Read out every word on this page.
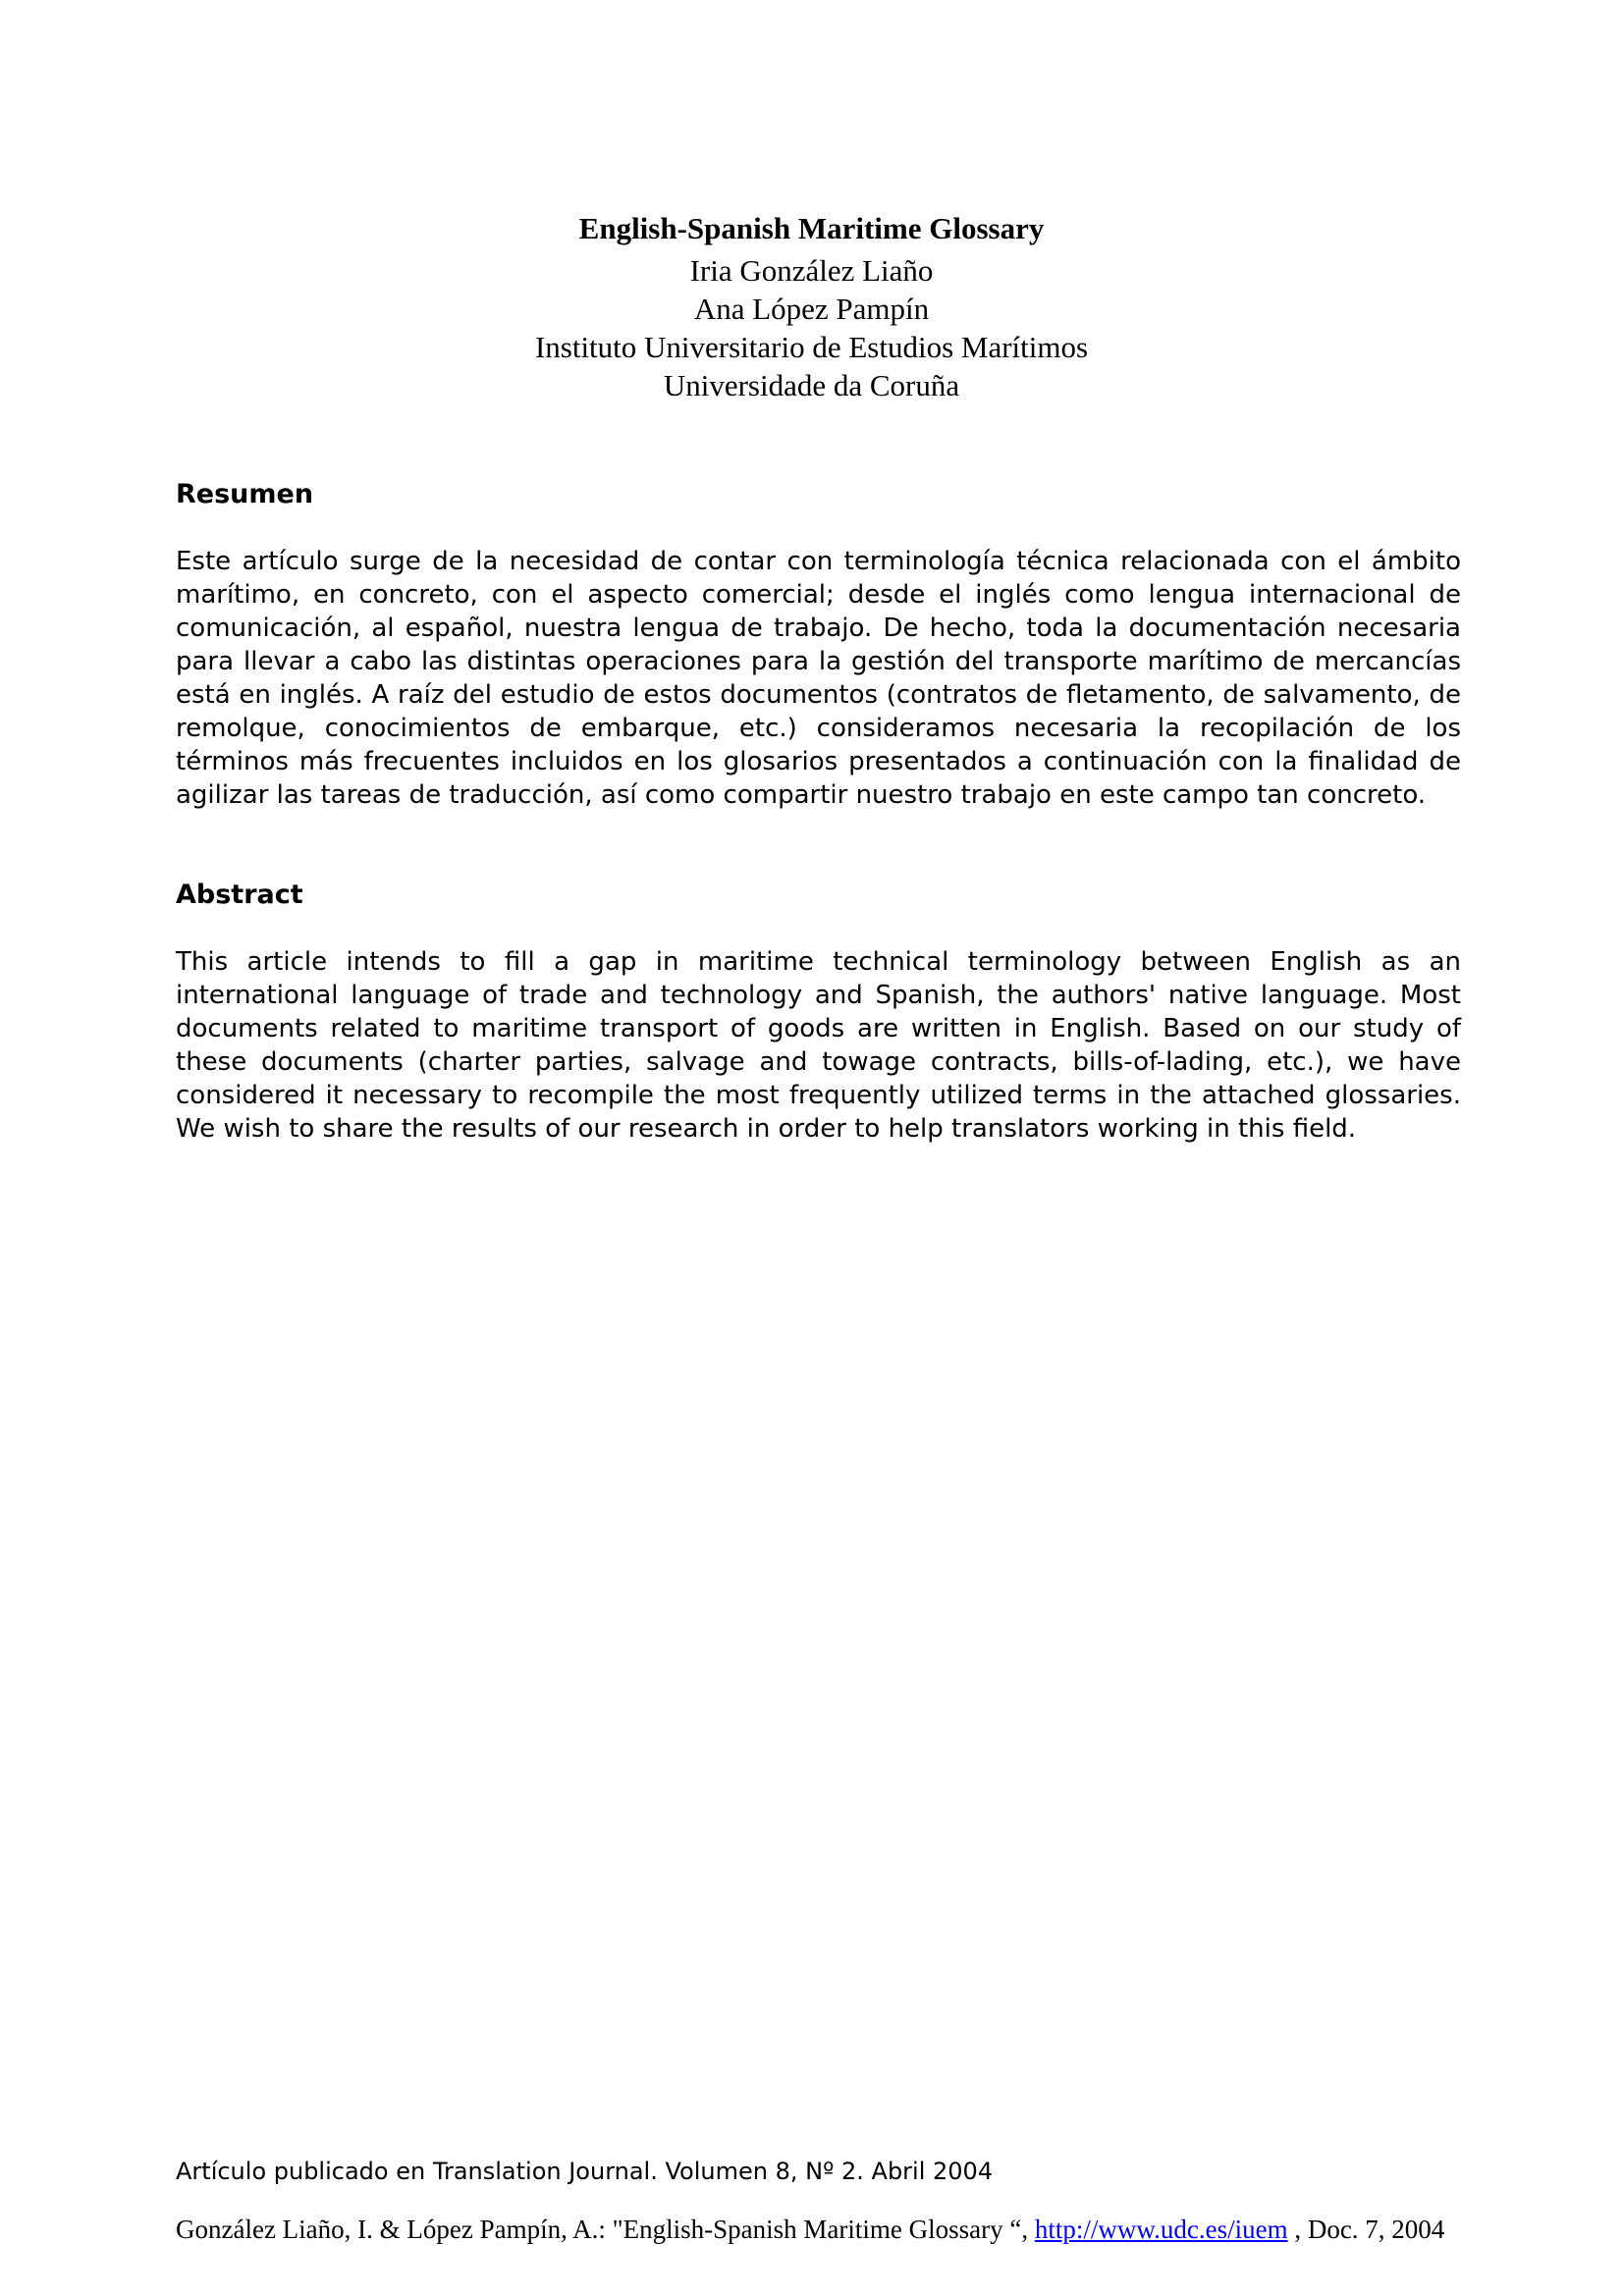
English-Spanish Maritime Glossary

Iria González Liaño

Ana López Pampín

Instituto Universitario de Estudios Marítimos

Universidade da Coruña

Resumen

Este artículo surge de la necesidad de contar con terminología técnica relacionada con el ámbito marítimo, en concreto, con el aspecto comercial; desde el inglés como lengua internacional de comunicación, al español, nuestra lengua de trabajo. De hecho, toda la documentación necesaria para llevar a cabo las distintas operaciones para la gestión del transporte marítimo de mercancías está en inglés. A raíz del estudio de estos documentos (contratos de fletamento, de salvamento, de remolque, conocimientos de embarque, etc.) consideramos necesaria la recopilación de los términos más frecuentes incluidos en los glosarios presentados a continuación con la finalidad de agilizar las tareas de traducción, así como compartir nuestro trabajo en este campo tan concreto.

Abstract

This article intends to fill a gap in maritime technical terminology between English as an international language of trade and technology and Spanish, the authors' native language. Most documents related to maritime transport of goods are written in English. Based on our study of these documents (charter parties, salvage and towage contracts, bills-of-lading, etc.), we have considered it necessary to recompile the most frequently utilized terms in the attached glossaries. We wish to share the results of our research in order to help translators working in this field.

Artículo publicado en Translation Journal. Volumen 8, Nº 2. Abril 2004

González Liaño, I. & López Pampín, A.: "English-Spanish Maritime Glossary “, http://www.udc.es/iuem , Doc. 7, 2004
